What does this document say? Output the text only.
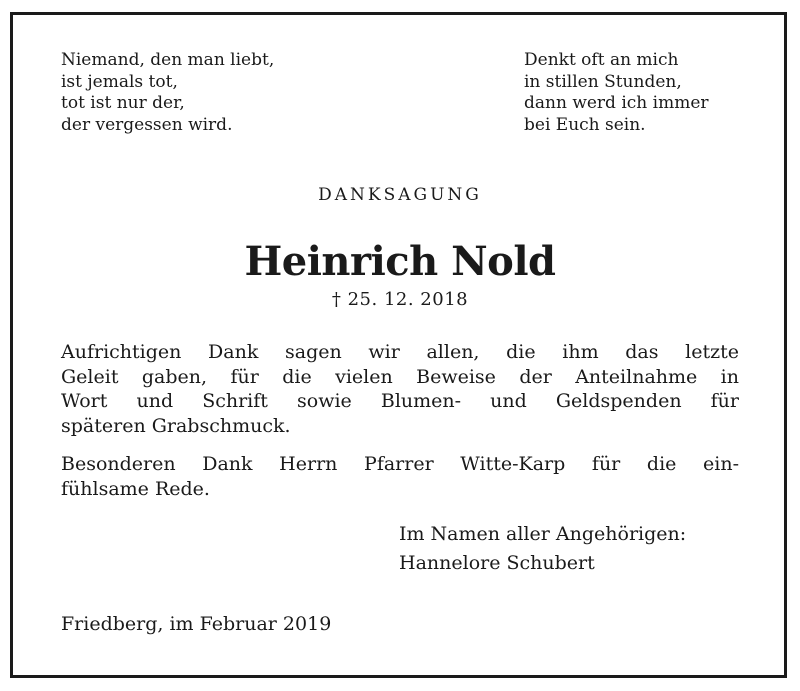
Niemand, den man liebt,
ist jemals tot,
tot ist nur der,
der vergessen wird.
Denkt oft an mich
in stillen Stunden,
dann werd ich immer
bei Euch sein.
DANKSAGUNG
Heinrich Nold
† 25. 12. 2018
Aufrichtigen Dank sagen wir allen, die ihm das letzte
Geleit gaben, für die vielen Beweise der Anteilnahme in
Wort und Schrift sowie Blumen- und Geldspenden für
späteren Grabschmuck.
Besonderen Dank Herrn Pfarrer Witte-Karp für die ein-
fühlsame Rede.
Im Namen aller Angehörigen:
Hannelore Schubert
Friedberg, im Februar 2019
